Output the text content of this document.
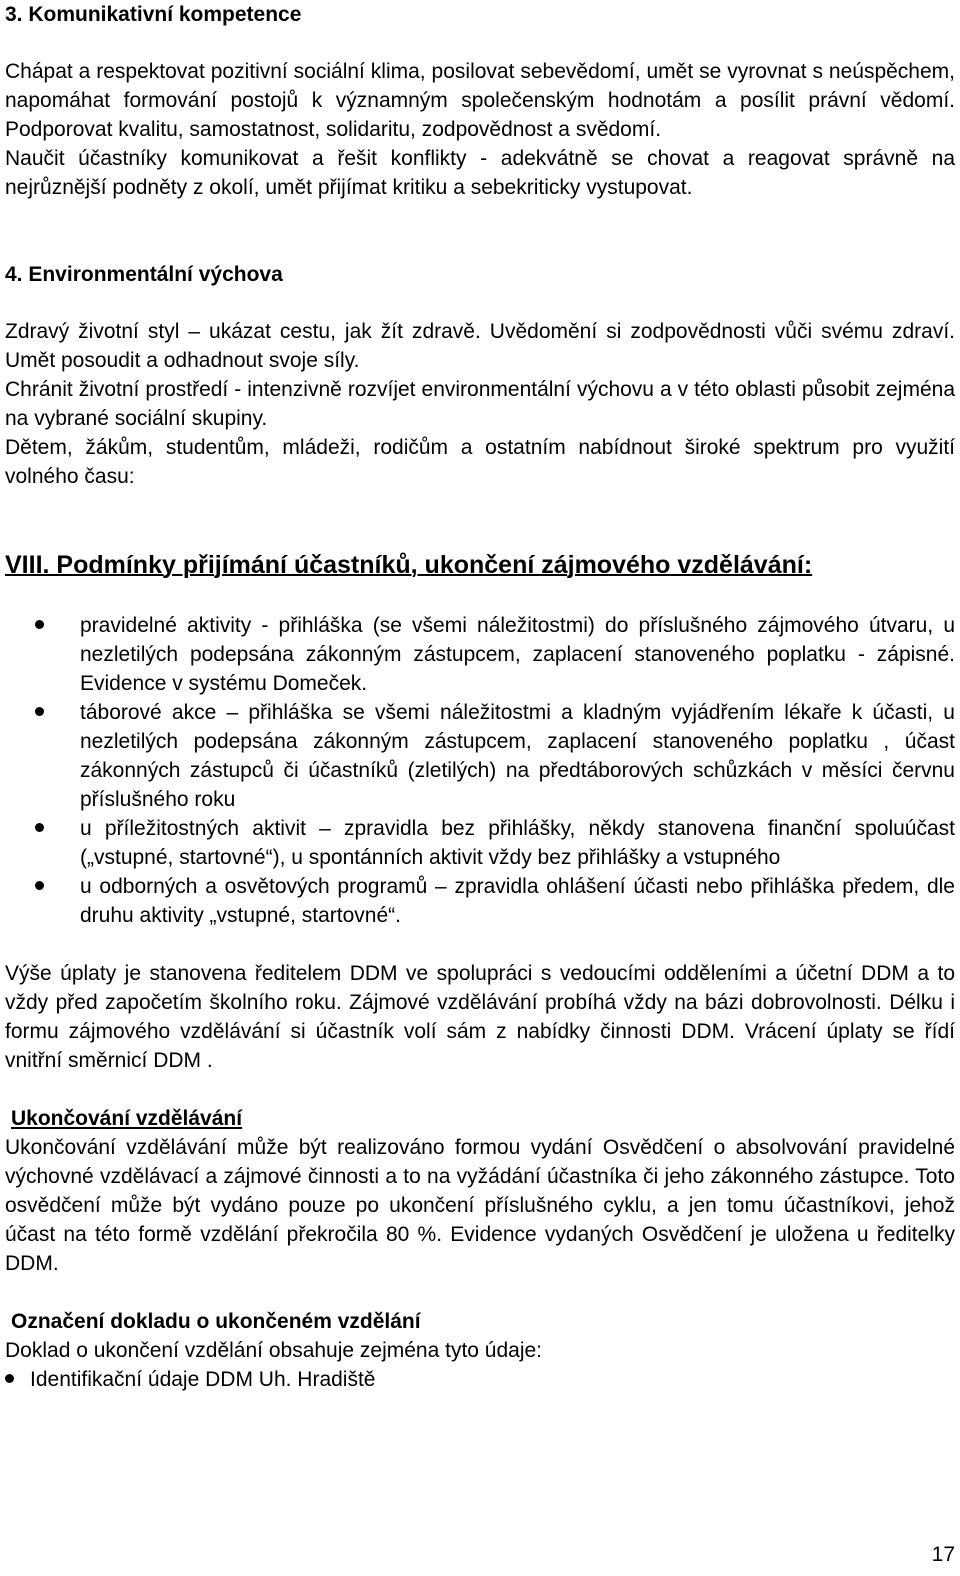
3. Komunikativní kompetence

Chápat a respektovat pozitivní sociální klima, posilovat sebevědomí, umět se vyrovnat s neúspěchem, napomáhat formování postojů k významným společenským hodnotám a posílit právní vědomí. Podporovat kvalitu, samostatnost, solidaritu, zodpovědnost a svědomí.

Naučit účastníky komunikovat a řešit konflikty - adekvátně se chovat a reagovat správně na nejrůznější podněty z okolí, umět přijímat kritiku a sebekriticky vystupovat.

4. Environmentální výchova

Zdravý životní styl – ukázat cestu, jak žít zdravě. Uvědomění si zodpovědnosti vůči svému zdraví. Umět posoudit a odhadnout svoje síly.

Chránit životní prostředí - intenzivně rozvíjet environmentální výchovu a v této oblasti působit zejména na vybrané sociální skupiny.

Dětem, žákům, studentům, mládeži, rodičům a ostatním nabídnout široké spektrum pro využití volného času:

VIII. Podmínky přijímání účastníků, ukončení zájmového vzdělávání:
pravidelné aktivity - přihláška (se všemi náležitostmi) do příslušného zájmového útvaru, u nezletilých podepsána zákonným zástupcem, zaplacení stanoveného poplatku - zápisné. Evidence v systému Domeček.
táborové akce – přihláška se všemi náležitostmi a kladným vyjádřením lékaře k účasti, u nezletilých podepsána zákonným zástupcem, zaplacení stanoveného poplatku , účast zákonných zástupců či účastníků (zletilých) na předtáborových schůzkách v měsíci červnu příslušného roku
u příležitostných aktivit – zpravidla bez přihlášky, někdy stanovena finanční spoluúčast („vstupné, startovné“), u spontánních aktivit vždy bez přihlášky a vstupného
u odborných a osvětových programů – zpravidla ohlášení účasti nebo přihláška předem, dle druhu aktivity „vstupné, startovné“.

Výše úplaty je stanovena ředitelem DDM ve spolupráci s vedoucími odděleními a účetní DDM a to vždy před započetím školního roku. Zájmové vzdělávání probíhá vždy na bázi dobrovolnosti. Délku i formu zájmového vzdělávání si účastník volí sám z nabídky činnosti DDM. Vrácení úplaty se řídí vnitřní směrnicí DDM .

Ukončování vzdělávání

Ukončování vzdělávání může být realizováno formou vydání Osvědčení o absolvování pravidelné výchovné vzdělávací a zájmové činnosti a to na vyžádání účastníka či jeho zákonného zástupce. Toto osvědčení může být vydáno pouze po ukončení příslušného cyklu, a jen tomu účastníkovi, jehož účast na této formě vzdělání překročila 80 %. Evidence vydaných Osvědčení je uložena u ředitelky DDM.

Označení dokladu o ukončeném vzdělání

Doklad o ukončení vzdělání obsahuje zejména tyto údaje:

Identifikační údaje DDM Uh. Hradiště
17
